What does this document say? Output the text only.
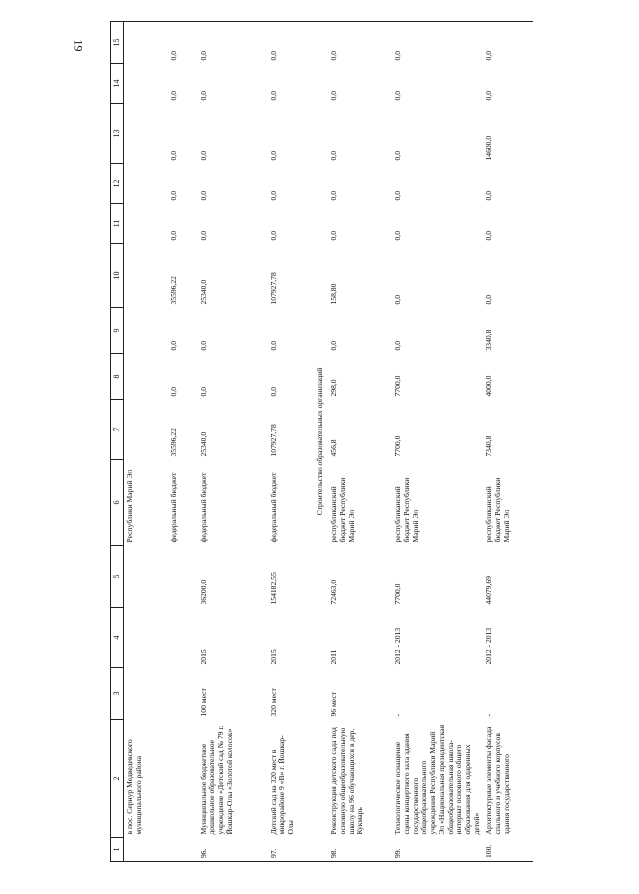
19
1	2	3	4	5	6	7	8	9	10	11	12	13	14	15
	в пос. Сернур Медведевского муниципального района				Республики Марий Эл									
					федеральный бюджет	35596,22	0,0	0,0	35596,22	0,0	0,0	0,0	0,0	0,0
96.	Муниципальное бюджетное дошкольное образовательное учреждение «Детский сад № 79 г. Йошкар-Олы «Золотой колосок»	100 мест	2015	36200,0	федеральный бюджет	25340,0	0,0	0,0	25340,0	0,0	0,0	0,0	0,0	0,0
97.	Детский сад на 320 мест в микрорайоне 9 «В» г. Йошкар-Олы	320 мест	2015	154182,55	федеральный бюджет	107927,78	0,0	0,0	107927,78	0,0	0,0	0,0	0,0	0,0
Строительство образовательных организаций														
98.	Реконструкция детского сада под основную общеобразовательную школу на 96 обучающихся в дер. Кукмарь	96 мест	2011	72463,0	республиканский бюджет Республики Марий Эл	456,8	298,0	0,0	158,80	0,0	0,0	0,0	0,0	0,0
99.	Технологическое оснащение сцены концертного зала здания государственного общеобразовательного учреждения Республики Марий Эл «Национальная президентская общеобразовательная школа-интернат основного общего образования для одаренных детей»	-	2012 - 2013	7700,0	республиканский бюджет Республики Марий Эл	7700,0	7700,0	0,0	0,0	0,0	0,0	0,0	0,0	0,0
100.	Архитектурные элементы фасада спального и учебного корпусов здания государственного	-	2012 - 2013	44079,69	республиканский бюджет Республики Марий Эл	7340,8	4000,0	3340,8	0,0	0,0	0,0	14600,0	0,0	0,0
